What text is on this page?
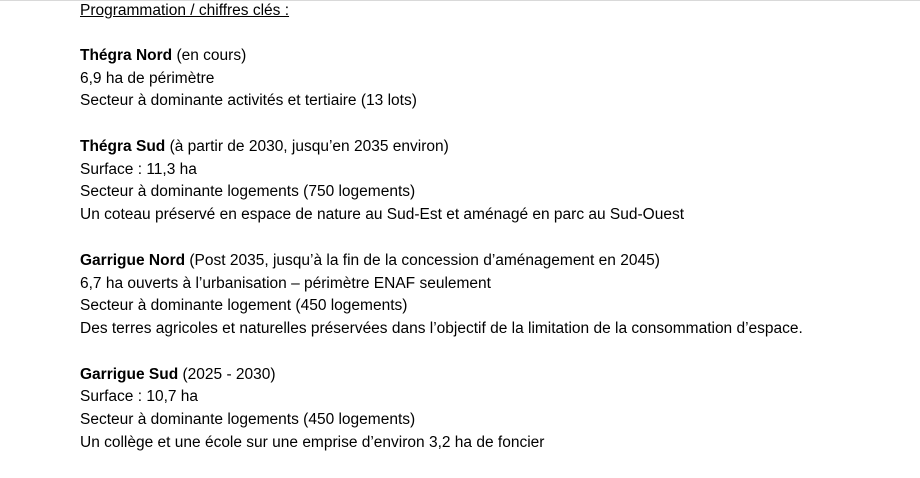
Programmation / chiffres clés :
Thégra Nord (en cours)
6,9 ha de périmètre
Secteur à dominante activités et tertiaire (13 lots)
Thégra Sud (à partir de 2030, jusqu’en 2035 environ)
Surface : 11,3 ha
Secteur à dominante logements (750 logements)
Un coteau préservé en espace de nature au Sud-Est et aménagé en parc au Sud-Ouest
Garrigue Nord (Post 2035, jusqu’à la fin de la concession d’aménagement en 2045)
6,7 ha ouverts à l’urbanisation – périmètre ENAF seulement
Secteur à dominante logement (450 logements)
Des terres agricoles et naturelles préservées dans l’objectif de la limitation de la consommation d’espace.
Garrigue Sud (2025 - 2030)
Surface : 10,7 ha
Secteur à dominante logements (450 logements)
Un collège et une école sur une emprise d’environ 3,2 ha de foncier
